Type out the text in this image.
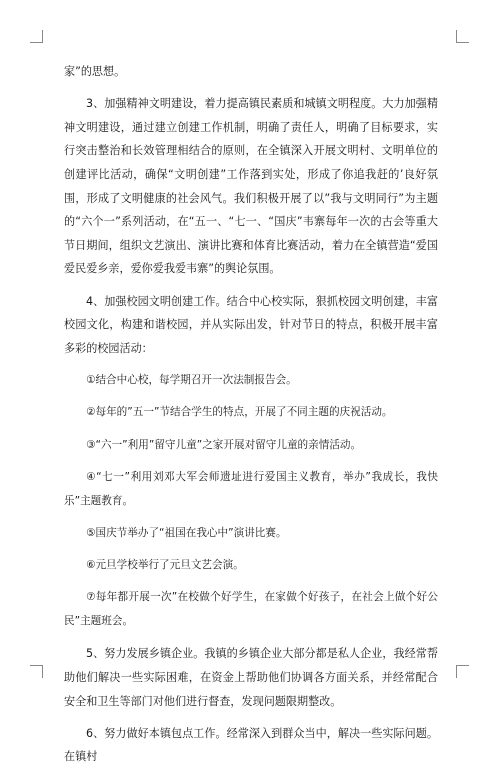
家”的思想。

3、加强精神文明建设，着力提高镇民素质和城镇文明程度。大力加强精神文明建设，通过建立创建工作机制，明确了责任人，明确了目标要求，实行突击整治和长效管理相结合的原则，在全镇深入开展文明村、文明单位的创建评比活动，确保“文明创建”工作落到实处，形成了你追我赶的’良好氛围，形成了文明健康的社会风气。我们积极开展了以”我与文明同行”为主题的“六个一”系列活动，在“五一、“七一、“国庆”韦寨每年一次的古会等重大节日期间，组织文艺演出、演讲比赛和体育比赛活动，着力在全镇营造“爱国爱民爱乡亲，爱你爱我爱韦寨”的舆论氛围。

4、加强校园文明创建工作。结合中心校实际，狠抓校园文明创建，丰富校园文化，构建和谐校园，并从实际出发，针对节日的特点，积极开展丰富多彩的校园活动：

①结合中心校，每学期召开一次法制报告会。

②每年的”五一”节结合学生的特点，开展了不同主题的庆祝活动。

③“六一”利用”留守儿童”之家开展对留守儿童的亲情活动。

④“七一”利用刘邓大军会师遗址进行爱国主义教育，举办”我成长，我快乐”主题教育。

⑤国庆节举办了“祖国在我心中”演讲比赛。

⑥元旦学校举行了元旦文艺会演。

⑦每年都开展一次”在校做个好学生，在家做个好孩子，在社会上做个好公民”主题班会。

5、努力发展乡镇企业。我镇的乡镇企业大部分都是私人企业，我经常帮助他们解决一些实际困难，在资金上帮助他们协调各方面关系，并经常配合安全和卫生等部门对他们进行督查，发现问题限期整改。

6、努力做好本镇包点工作。经常深入到群众当中，解决一些实际问题。在镇村
